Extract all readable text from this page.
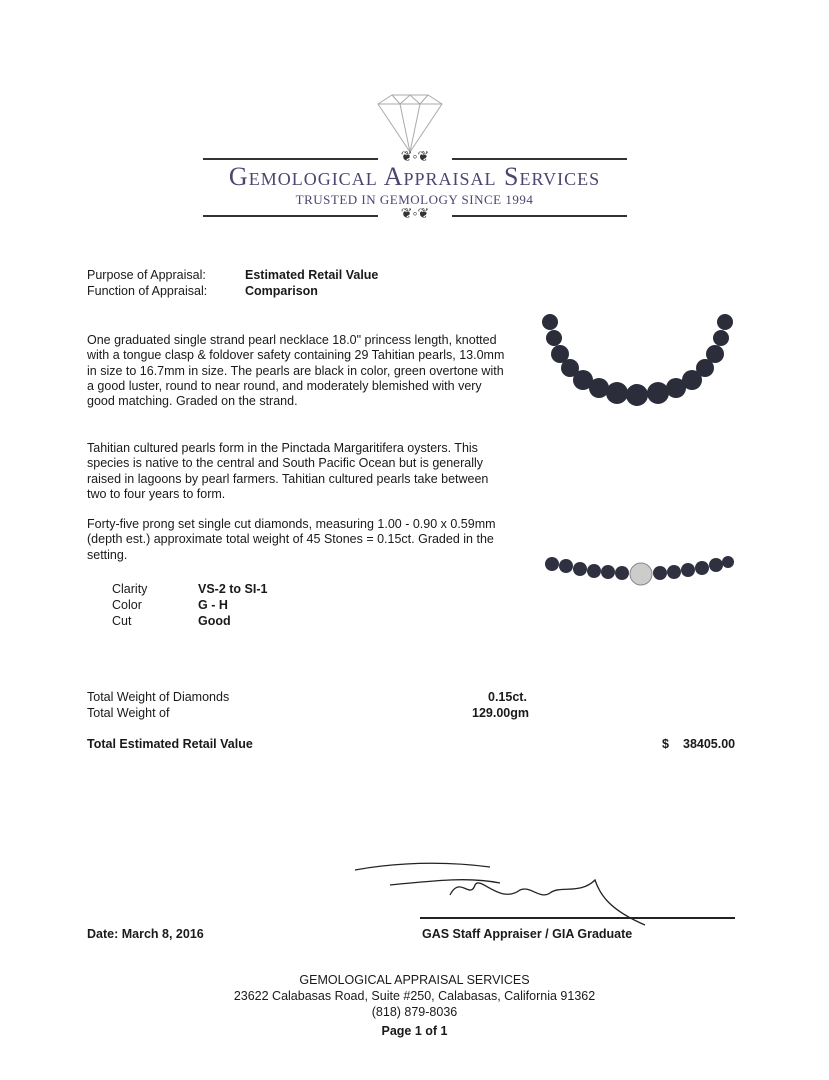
❦◦❦
Gemological Appraisal Services
TRUSTED IN GEMOLOGY SINCE 1994
❦◦❦
Purpose of Appraisal:	Estimated Retail Value
Function of Appraisal:	Comparison
One graduated single strand pearl necklace 18.0" princess length, knotted with a tongue clasp & foldover safety containing 29 Tahitian pearls, 13.0mm in size to 16.7mm in size. The pearls are black in color, green overtone with a good luster, round to near round, and moderately blemished with very good matching. Graded on the strand.
Tahitian cultured pearls form in the Pinctada Margaritifera oysters. This species is native to the central and South Pacific Ocean but is generally raised in lagoons by pearl farmers. Tahitian cultured pearls take between two to four years to form.
Forty-five prong set single cut diamonds, measuring 1.00 - 0.90 x 0.59mm (depth est.) approximate total weight of 45 Stones = 0.15ct. Graded in the setting.
Clarity	VS-2 to SI-1
Color	G - H
Cut	Good
Total Weight of Diamonds	0.15ct.
Total Weight of	129.00gm
Total Estimated Retail Value	$ 38405.00
Date: March 8, 2016	GAS Staff Appraiser / GIA Graduate
GEMOLOGICAL APPRAISAL SERVICES
23622 Calabasas Road, Suite #250, Calabasas, California 91362
(818) 879-8036
Page 1 of 1
